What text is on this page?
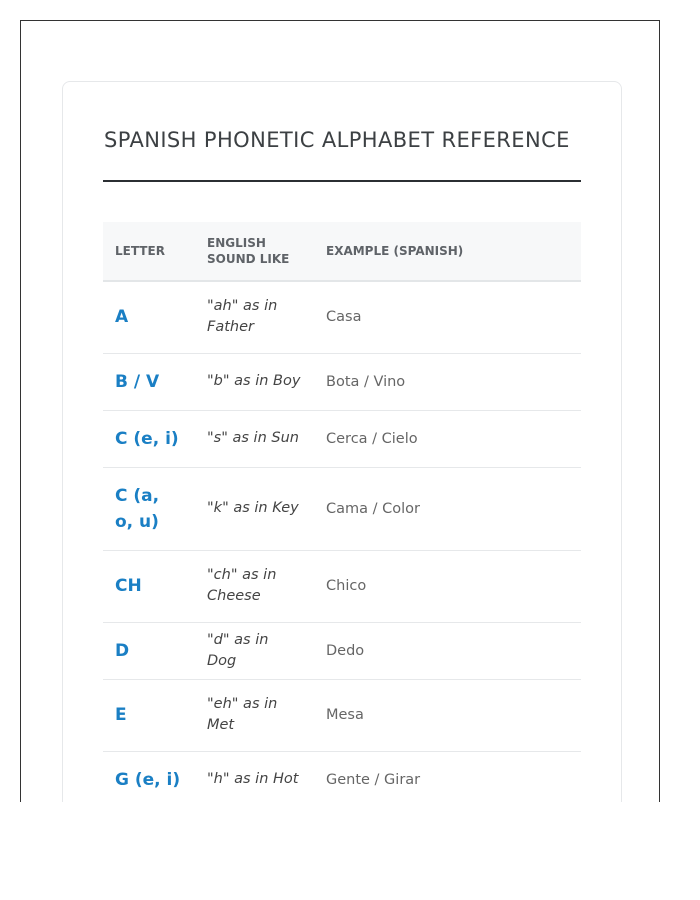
SPANISH PHONETIC ALPHABET REFERENCE
LETTER	ENGLISH SOUND LIKE	EXAMPLE (SPANISH)
A	"ah" as in Father	Casa
B / V	"b" as in Boy	Bota / Vino
C (e, i)	"s" as in Sun	Cerca / Cielo
C (a, o, u)	"k" as in Key	Cama / Color
CH	"ch" as in Cheese	Chico
D	"d" as in Dog	Dedo
E	"eh" as in Met	Mesa
G (e, i)	"h" as in Hot	Gente / Girar
